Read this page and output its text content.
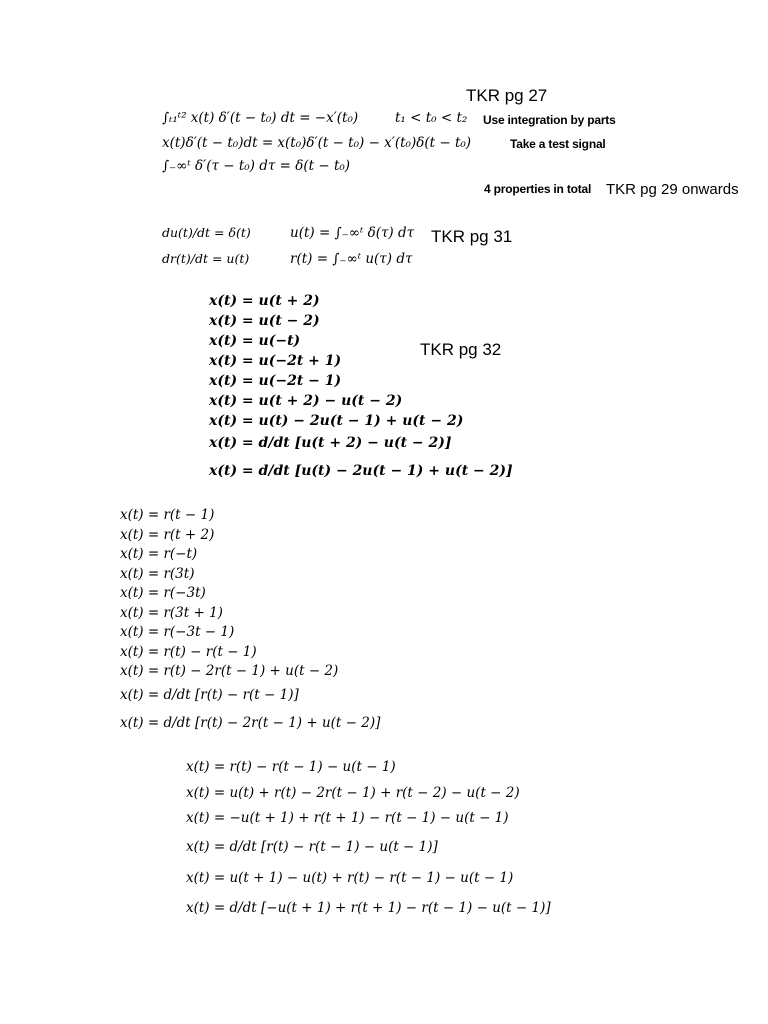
TKR pg 27
∫ₜ₁ᵗ² x(t) δ′(t − t₀) dt = −x′(t₀)	t₁ < t₀ < t₂ Use integration by parts
x(t)δ′(t − t₀)dt = x(t₀)δ′(t − t₀) − x′(t₀)δ(t − t₀)	Take a test signal
∫₋∞ᵗ δ′(τ − t₀) dτ = δ(t − t₀)
4 properties in total TKR pg 29 onwards
du(t)/dt = δ(t)	u(t) = ∫₋∞ᵗ δ(τ) dτ TKR pg 31
dr(t)/dt = u(t)	r(t) = ∫₋∞ᵗ u(τ) dτ
x(t) = u(t + 2)
x(t) = u(t − 2)
x(t) = u(−t)
x(t) = u(−2t + 1)
x(t) = u(−2t − 1)
x(t) = u(t + 2) − u(t − 2)
x(t) = u(t) − 2u(t − 1) + u(t − 2)
x(t) = d/dt [u(t + 2) − u(t − 2)]
x(t) = d/dt [u(t) − 2u(t − 1) + u(t − 2)]
TKR pg 32
x(t) = r(t − 1)
x(t) = r(t + 2)
x(t) = r(−t)
x(t) = r(3t)
x(t) = r(−3t)
x(t) = r(3t + 1)
x(t) = r(−3t − 1)
x(t) = r(t) − r(t − 1)
x(t) = r(t) − 2r(t − 1) + u(t − 2)
x(t) = d/dt [r(t) − r(t − 1)]
x(t) = d/dt [r(t) − 2r(t − 1) + u(t − 2)]
x(t) = r(t) − r(t − 1) − u(t − 1)
x(t) = u(t) + r(t) − 2r(t − 1) + r(t − 2) − u(t − 2)
x(t) = −u(t + 1) + r(t + 1) − r(t − 1) − u(t − 1)
x(t) = d/dt [r(t) − r(t − 1) − u(t − 1)]
x(t) = u(t + 1) − u(t) + r(t) − r(t − 1) − u(t − 1)
x(t) = d/dt [−u(t + 1) + r(t + 1) − r(t − 1) − u(t − 1)]
